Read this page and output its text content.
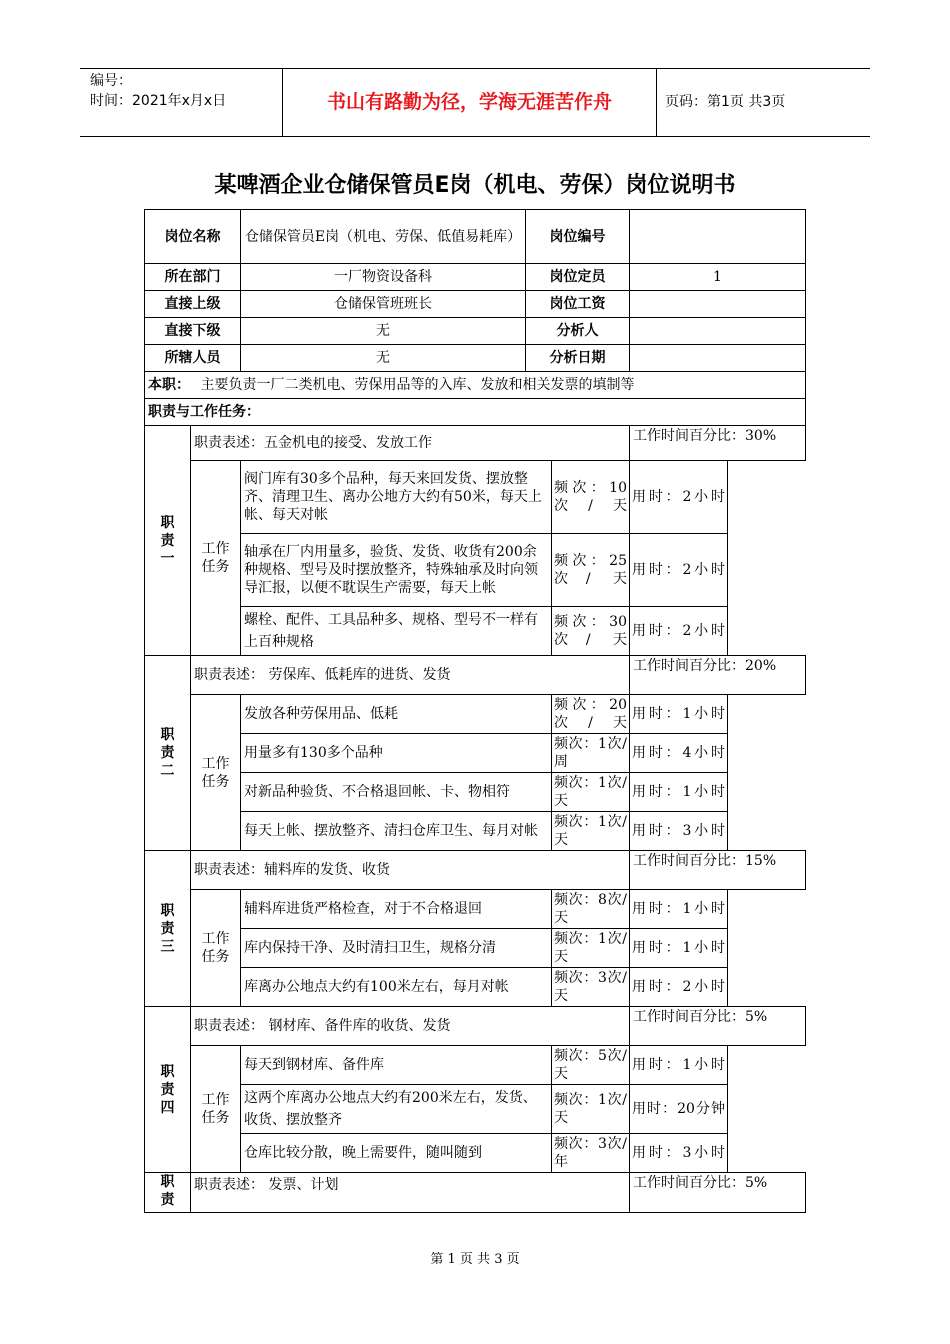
编号：
时间：2021年x月x日	书山有路勤为径，学海无涯苦作舟	页码：第1页 共3页
某啤酒企业仓储保管员E岗（机电、劳保）岗位说明书
岗位名称		仓储保管员E岗（机电、劳保、低值易耗库）	岗位编号		
所在部门		一厂物资设备科	岗位定员		1
直接上级		仓储保管班班长	岗位工资		
直接下级		无	分析人		
所辖人员		无	分析日期		
本职： 主要负责一厂二类机电、劳保用品等的入库、发放和相关发票的填制等					
职责与工作任务：					
职责一	职责表述：五金机电的接受、发放工作				工作时间百分比：30%
	工作任务	阀门库有30多个品种，每天来回发货、摆放整齐、清理卫生、离办公地方大约有50米，每天上帐、每天对帐		频次：10次/天	用时：2小时
		轴承在厂内用量多，验货、发货、收货有200余种规格、型号及时摆放整齐，特殊轴承及时向领导汇报，以便不耽误生产需要，每天上帐		频次：25次/ 天	用时：2小时
		螺栓、配件、工具品种多、规格、型号不一样有上百种规格		频次：30次/ 天	用时：2小时
职责二	职责表述： 劳保库、低耗库的进货、发货				工作时间百分比：20%
	工作任务	发放各种劳保用品、低耗		频次：20次/天	用时：1小时
		用量多有130多个品种		频次：1次/周	用时：4小时
		对新品种验货、不合格退回帐、卡、物相符		频次：1次/天	用时：1小时
		每天上帐、摆放整齐、清扫仓库卫生、每月对帐		频次：1次/天	用时：3小时
职责三	职责表述：辅料库的发货、收货				工作时间百分比：15%
	工作任务	辅料库进货严格检查，对于不合格退回		频次：8次/天	用时：1小时
		库内保持干净、及时清扫卫生，规格分清		频次：1次/ 天	用时：1小时
		库离办公地点大约有100米左右，每月对帐		频次：3次/天	用时：2小时
职责四	职责表述： 钢材库、备件库的收货、发货				工作时间百分比：5%
	工作任务	每天到钢材库、备件库		频次：5次/天	用时：1小时
		这两个库离办公地点大约有200米左右，发货、收货、摆放整齐		频次：1次/天	用时：20分钟
		仓库比较分散，晚上需要件，随叫随到		频次：3次/年	用时：3小时
职责	职责表述： 发票、计划				工作时间百分比：5%
第 1 页 共 3 页
